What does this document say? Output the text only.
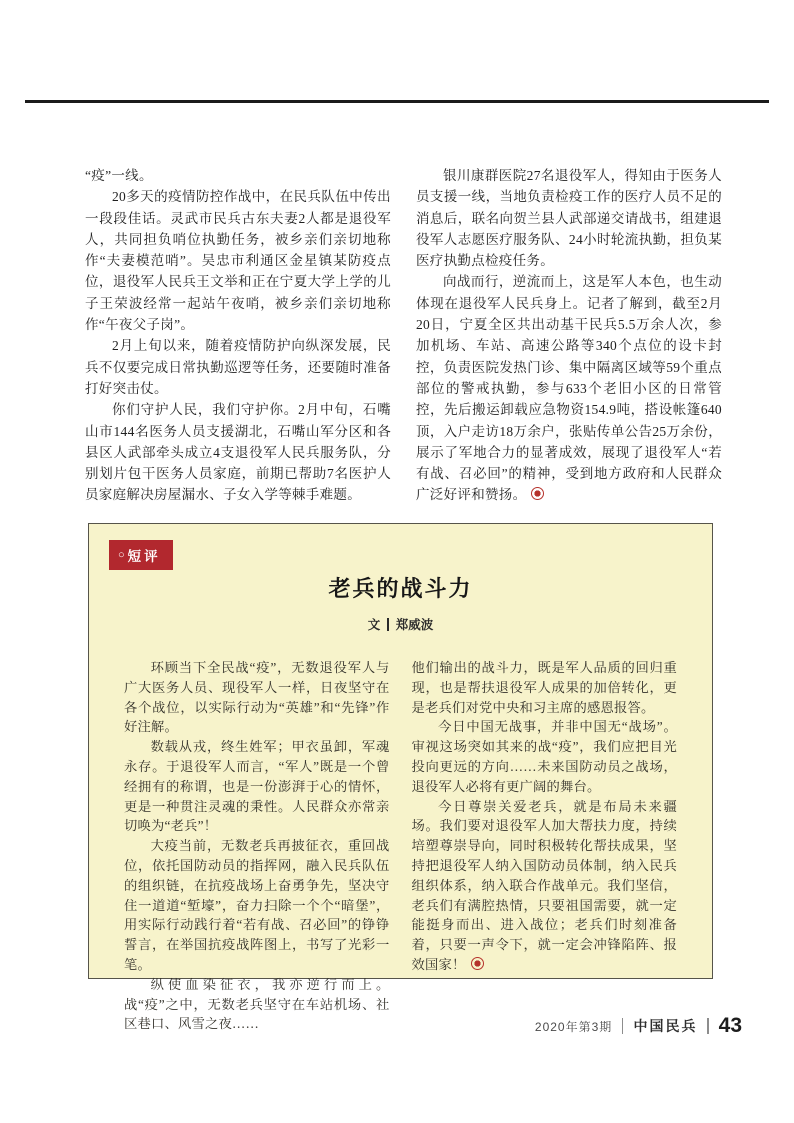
“疫”一线。

20多天的疫情防控作战中，在民兵队伍中传出一段段佳话。灵武市民兵古东夫妻2人都是退役军人，共同担负哨位执勤任务，被乡亲们亲切地称作“夫妻模范哨”。吴忠市利通区金星镇某防疫点位，退役军人民兵王文举和正在宁夏大学上学的儿子王荣波经常一起站午夜哨，被乡亲们亲切地称作“午夜父子岗”。

2月上旬以来，随着疫情防护向纵深发展，民兵不仅要完成日常执勤巡逻等任务，还要随时准备打好突击仗。

你们守护人民，我们守护你。2月中旬，石嘴山市144名医务人员支援湖北，石嘴山军分区和各县区人武部牵头成立4支退役军人民兵服务队，分别划片包干医务人员家庭，前期已帮助7名医护人员家庭解决房屋漏水、子女入学等棘手难题。

银川康群医院27名退役军人，得知由于医务人员支援一线，当地负责检疫工作的医疗人员不足的消息后，联名向贺兰县人武部递交请战书，组建退役军人志愿医疗服务队、24小时轮流执勤，担负某医疗执勤点检疫任务。

向战而行，逆流而上，这是军人本色，也生动体现在退役军人民兵身上。记者了解到，截至2月20日，宁夏全区共出动基干民兵5.5万余人次，参加机场、车站、高速公路等340个点位的设卡封控，负责医院发热门诊、集中隔离区域等59个重点部位的警戒执勤，参与633个老旧小区的日常管控，先后搬运卸载应急物资154.9吨，搭设帐篷640顶，入户走访18万余户，张贴传单公告25万余份，展示了军地合力的显著成效，展现了退役军人“若有战、召必回”的精神，受到地方政府和人民群众广泛好评和赞扬。

○ 短评
老兵的战斗力
文 郑威波

环顾当下全民战“疫”，无数退役军人与广大医务人员、现役军人一样，日夜坚守在各个战位，以实际行动为“英雄”和“先锋”作好注解。

数载从戎，终生姓军；甲衣虽卸，军魂永存。于退役军人而言，“军人”既是一个曾经拥有的称谓，也是一份澎湃于心的情怀，更是一种贯注灵魂的秉性。人民群众亦常亲切唤为“老兵”！

大疫当前，无数老兵再披征衣，重回战位，依托国防动员的指挥网，融入民兵队伍的组织链，在抗疫战场上奋勇争先，坚决守住一道道“堑壕”，奋力扫除一个个“暗堡”，用实际行动践行着“若有战、召必回”的铮铮誓言，在举国抗疫战阵图上，书写了光彩一笔。

纵使血染征衣，我亦逆行而上。战“疫”之中，无数老兵坚守在车站机场、社区巷口、风雪之夜……

他们输出的战斗力，既是军人品质的回归重现，也是帮扶退役军人成果的加倍转化，更是老兵们对党中央和习主席的感恩报答。

今日中国无战事，并非中国无“战场”。审视这场突如其来的战“疫”，我们应把目光投向更远的方向……未来国防动员之战场，退役军人必将有更广阔的舞台。

今日尊崇关爱老兵，就是布局未来疆场。我们要对退役军人加大帮扶力度，持续培塑尊崇导向，同时积极转化帮扶成果，坚持把退役军人纳入国防动员体制，纳入民兵组织体系，纳入联合作战单元。我们坚信，老兵们有满腔热情，只要祖国需要，就一定能挺身而出、进入战位；老兵们时刻准备着，只要一声令下，就一定会冲锋陷阵、报效国家！

2020年第3期 中国民兵 43
